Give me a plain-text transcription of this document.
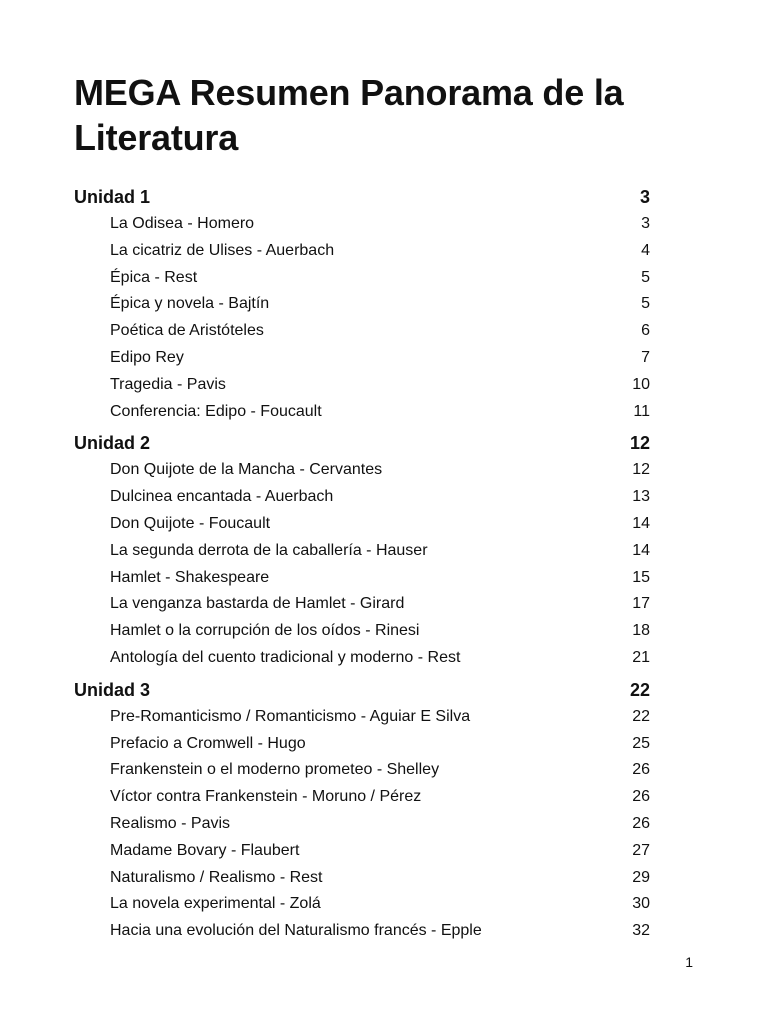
MEGA Resumen Panorama de la Literatura
Unidad 1	3
La Odisea - Homero	3
La cicatriz de Ulises - Auerbach	4
Épica - Rest	5
Épica y novela - Bajtín	5
Poética de Aristóteles	6
Edipo Rey	7
Tragedia - Pavis	10
Conferencia: Edipo - Foucault	11
Unidad 2	12
Don Quijote de la Mancha - Cervantes	12
Dulcinea encantada - Auerbach	13
Don Quijote - Foucault	14
La segunda derrota de la caballería - Hauser	14
Hamlet - Shakespeare	15
La venganza bastarda de Hamlet - Girard	17
Hamlet o la corrupción de los oídos - Rinesi	18
Antología del cuento tradicional y moderno - Rest	21
Unidad 3	22
Pre-Romanticismo / Romanticismo - Aguiar E Silva	22
Prefacio a Cromwell - Hugo	25
Frankenstein o el moderno prometeo - Shelley	26
Víctor contra Frankenstein - Moruno / Pérez	26
Realismo - Pavis	26
Madame Bovary - Flaubert	27
Naturalismo / Realismo - Rest	29
La novela experimental - Zolá	30
Hacia una evolución del Naturalismo francés - Epple	32
1
